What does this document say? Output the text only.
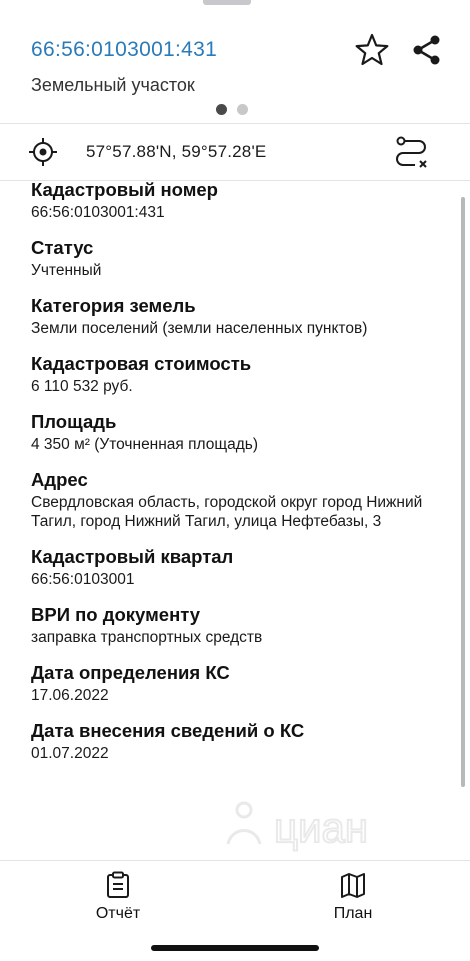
66:56:0103001:431
Земельный участок
57°57.88'N, 59°57.28'E
Кадастровый номер
66:56:0103001:431
Статус
Учтенный
Категория земель
Земли поселений (земли населенных пунктов)
Кадастровая стоимость
6 110 532 руб.
Площадь
4 350 м² (Уточненная площадь)
Адрес
Свердловская область, городской округ город Нижний Тагил, город Нижний Тагил, улица Нефтебазы, 3
Кадастровый квартал
66:56:0103001
ВРИ по документу
заправка транспортных средств
Дата определения КС
17.06.2022
Дата внесения сведений о КС
01.07.2022
циан
Отчёт	План
